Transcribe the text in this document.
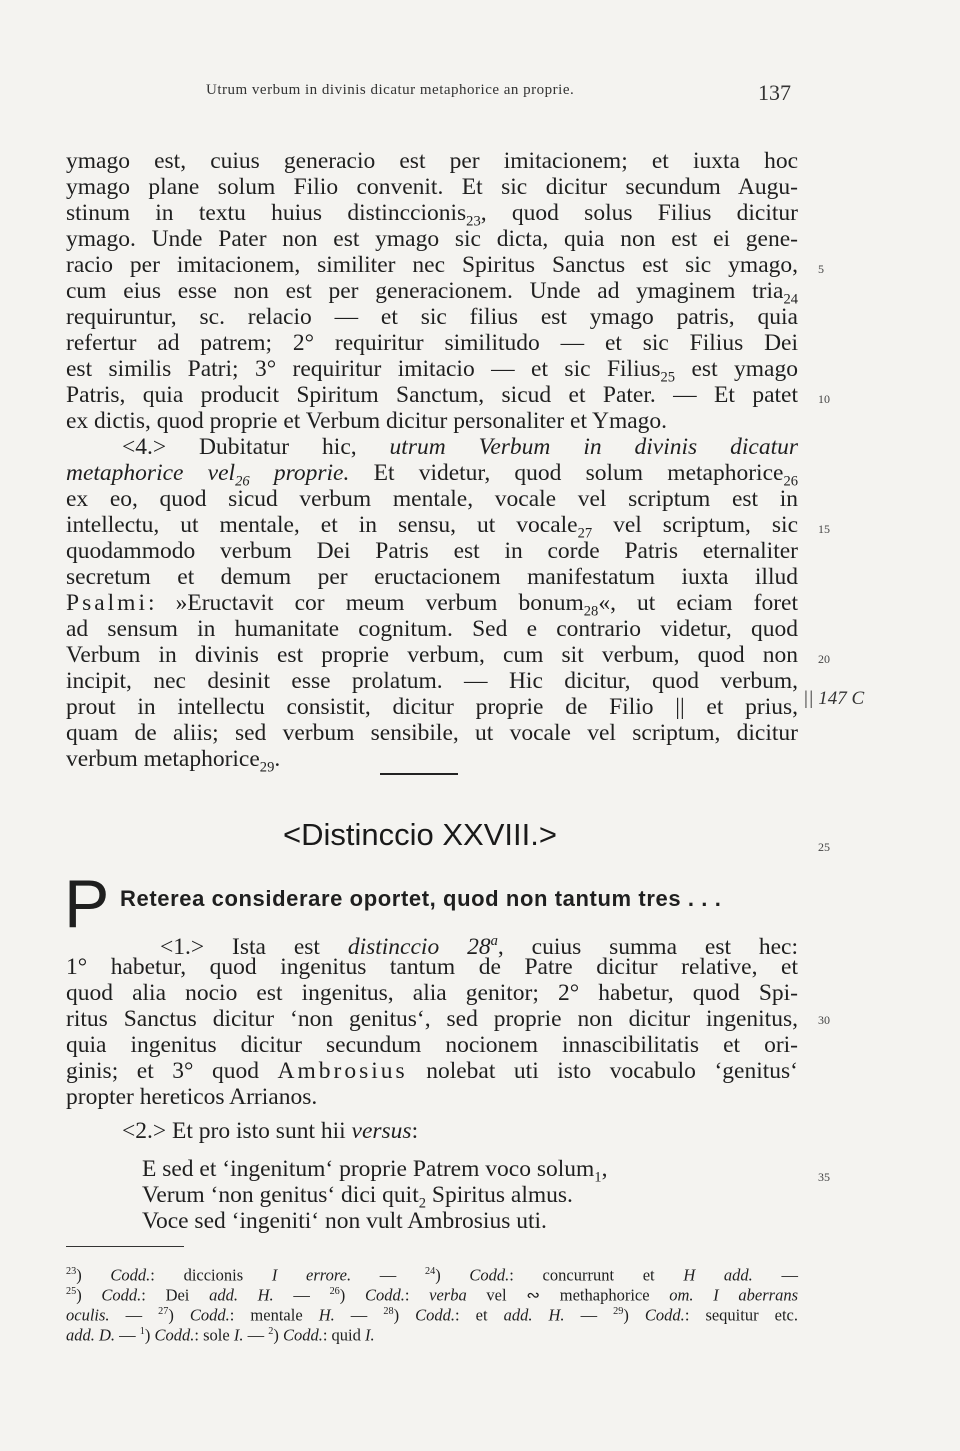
Utrum verbum in divinis dicatur metaphorice an proprie.	137
ymago est, cuius generacio est per imitacionem; et iuxta hoc
ymago plane solum Filio convenit. Et sic dicitur secundum Augu-
stinum in textu huius distinccionis$_{23}$, quod solus Filius dicitur
ymago. Unde Pater non est ymago sic dicta, quia non est ei gene-
racio per imitacionem, similiter nec Spiritus Sanctus est sic ymago,
cum eius esse non est per generacionem. Unde ad ymaginem tria$_{24}$
requiruntur, sc. relacio — et sic filius est ymago patris, quia
refertur ad patrem; 2° requiritur similitudo — et sic Filius Dei
est similis Patri; 3° requiritur imitacio — et sic Filius$_{25}$ est ymago
Patris, quia producit Spiritum Sanctum, sicud et Pater. — Et patet
ex dictis, quod proprie et Verbum dicitur personaliter et Ymago.
<4.> Dubitatur hic, utrum Verbum in divinis dicatur
metaphorice vel$_{26}$ proprie. Et videtur, quod solum metaphorice$_{26}$
ex eo, quod sicud verbum mentale, vocale vel scriptum est in
intellectu, ut mentale, et in sensu, ut vocale$_{27}$ vel scriptum, sic
quodammodo verbum Dei Patris est in corde Patris eternaliter
secretum et demum per eructacionem manifestatum iuxta illud
Psalmi: »Eructavit cor meum verbum bonum$_{28}$«, ut eciam foret
ad sensum in humanitate cognitum. Sed e contrario videtur, quod
Verbum in divinis est proprie verbum, cum sit verbum, quod non
incipit, nec desinit esse prolatum. — Hic dicitur, quod verbum,
prout in intellectu consistit, dicitur proprie de Filio || et prius,
quam de aliis; sed verbum sensibile, ut vocale vel scriptum, dicitur
verbum metaphorice$_{29}$.
5
10
15
20
25
30
35
|| 147 C
<Distinccio XXVIII.>
P Reterea considerare oportet, quod non tantum tres . . .
<1.> Ista est distinccio 28$^a$, cuius summa est hec:
1° habetur, quod ingenitus tantum de Patre dicitur relative, et
quod alia nocio est ingenitus, alia genitor; 2° habetur, quod Spi-
ritus Sanctus dicitur ‘non genitus‘, sed proprie non dicitur ingenitus,
quia ingenitus dicitur secundum nocionem innascibilitatis et ori-
ginis; et 3° quod Ambrosius nolebat uti isto vocabulo ‘genitus‘
propter hereticos Arrianos.
<2.> Et pro isto sunt hii versus:
E sed et ‘ingenitum‘ proprie Patrem voco solum$_1$,
Verum ‘non genitus‘ dici quit$_2$ Spiritus almus.
Voce sed ‘ingeniti‘ non vult Ambrosius uti.
$^{23}$) Codd.: diccionis I errore. — $^{24}$) Codd.: concurrunt et H add. —
$^{25}$) Codd.: Dei add. H. — $^{26}$) Codd.: verba vel ∾ methaphorice om. I aberrans
oculis. — $^{27}$) Codd.: mentale H. — $^{28}$) Codd.: et add. H. — $^{29}$) Codd.: sequitur etc.
add. D. — $^1$) Codd.: sole I. — $^2$) Codd.: quid I.
